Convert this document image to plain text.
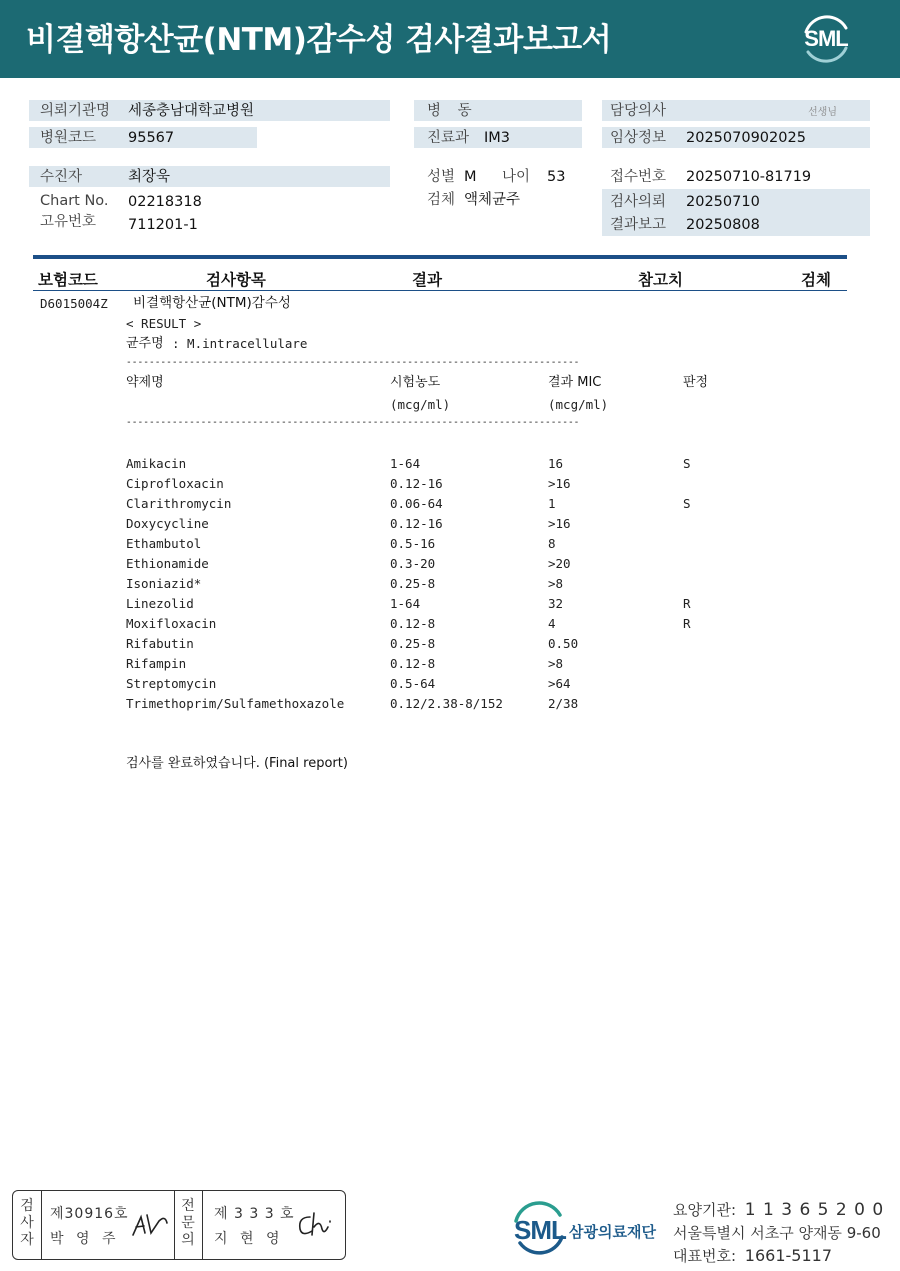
비결핵항산균(NTM)감수성 검사결과보고서	SML
의뢰기관명 세종충남대학교병원
병원코드 95567
병 동
진료과 IM3
담당의사	선생님
임상정보 2025070902025
수진자	최장욱
Chart No. 02218318
고유번호 711201-1
성별 M 나이 53
검체 액체균주
접수번호 20250710-81719
검사의뢰 20250710
결과보고 20250808
보험코드	검사항목	결과	참고치	검체
D6015004Z 비결핵항산균(NTM)감수성
< RESULT >
균주명 : M.intracellulare
-------------------------------------------------------------------------------
약제명	시험농도
(mcg/ml)
결과 MIC
(mcg/ml)
판정
-------------------------------------------------------------------------------
Amikacin	1-64	16	S
Ciprofloxacin	0.12-16	>16
Clarithromycin	0.06-64	1	S
Doxycycline	0.12-16	>16
Ethambutol	0.5-16	8
Ethionamide	0.3-20	>20
Isoniazid*	0.25-8	>8
Linezolid	1-64	32	R
Moxifloxacin	0.12-8	4	R
Rifabutin	0.25-8	0.50
Rifampin	0.12-8	>8
Streptomycin	0.5-64	>64
Trimethoprim/Sulfamethoxazole	0.12/2.38-8/152	2/38
검사를 완료하였습니다. (Final report)
검
사
자
제30916호
박 영 주
전
문
의
제 3 3 3 호
지 현 영	SML 삼광의료재단
요양기관: 1 1 3 6 5 2 0 0
서울특별시 서초구 양재동 9-60
대표번호: 1661-5117
